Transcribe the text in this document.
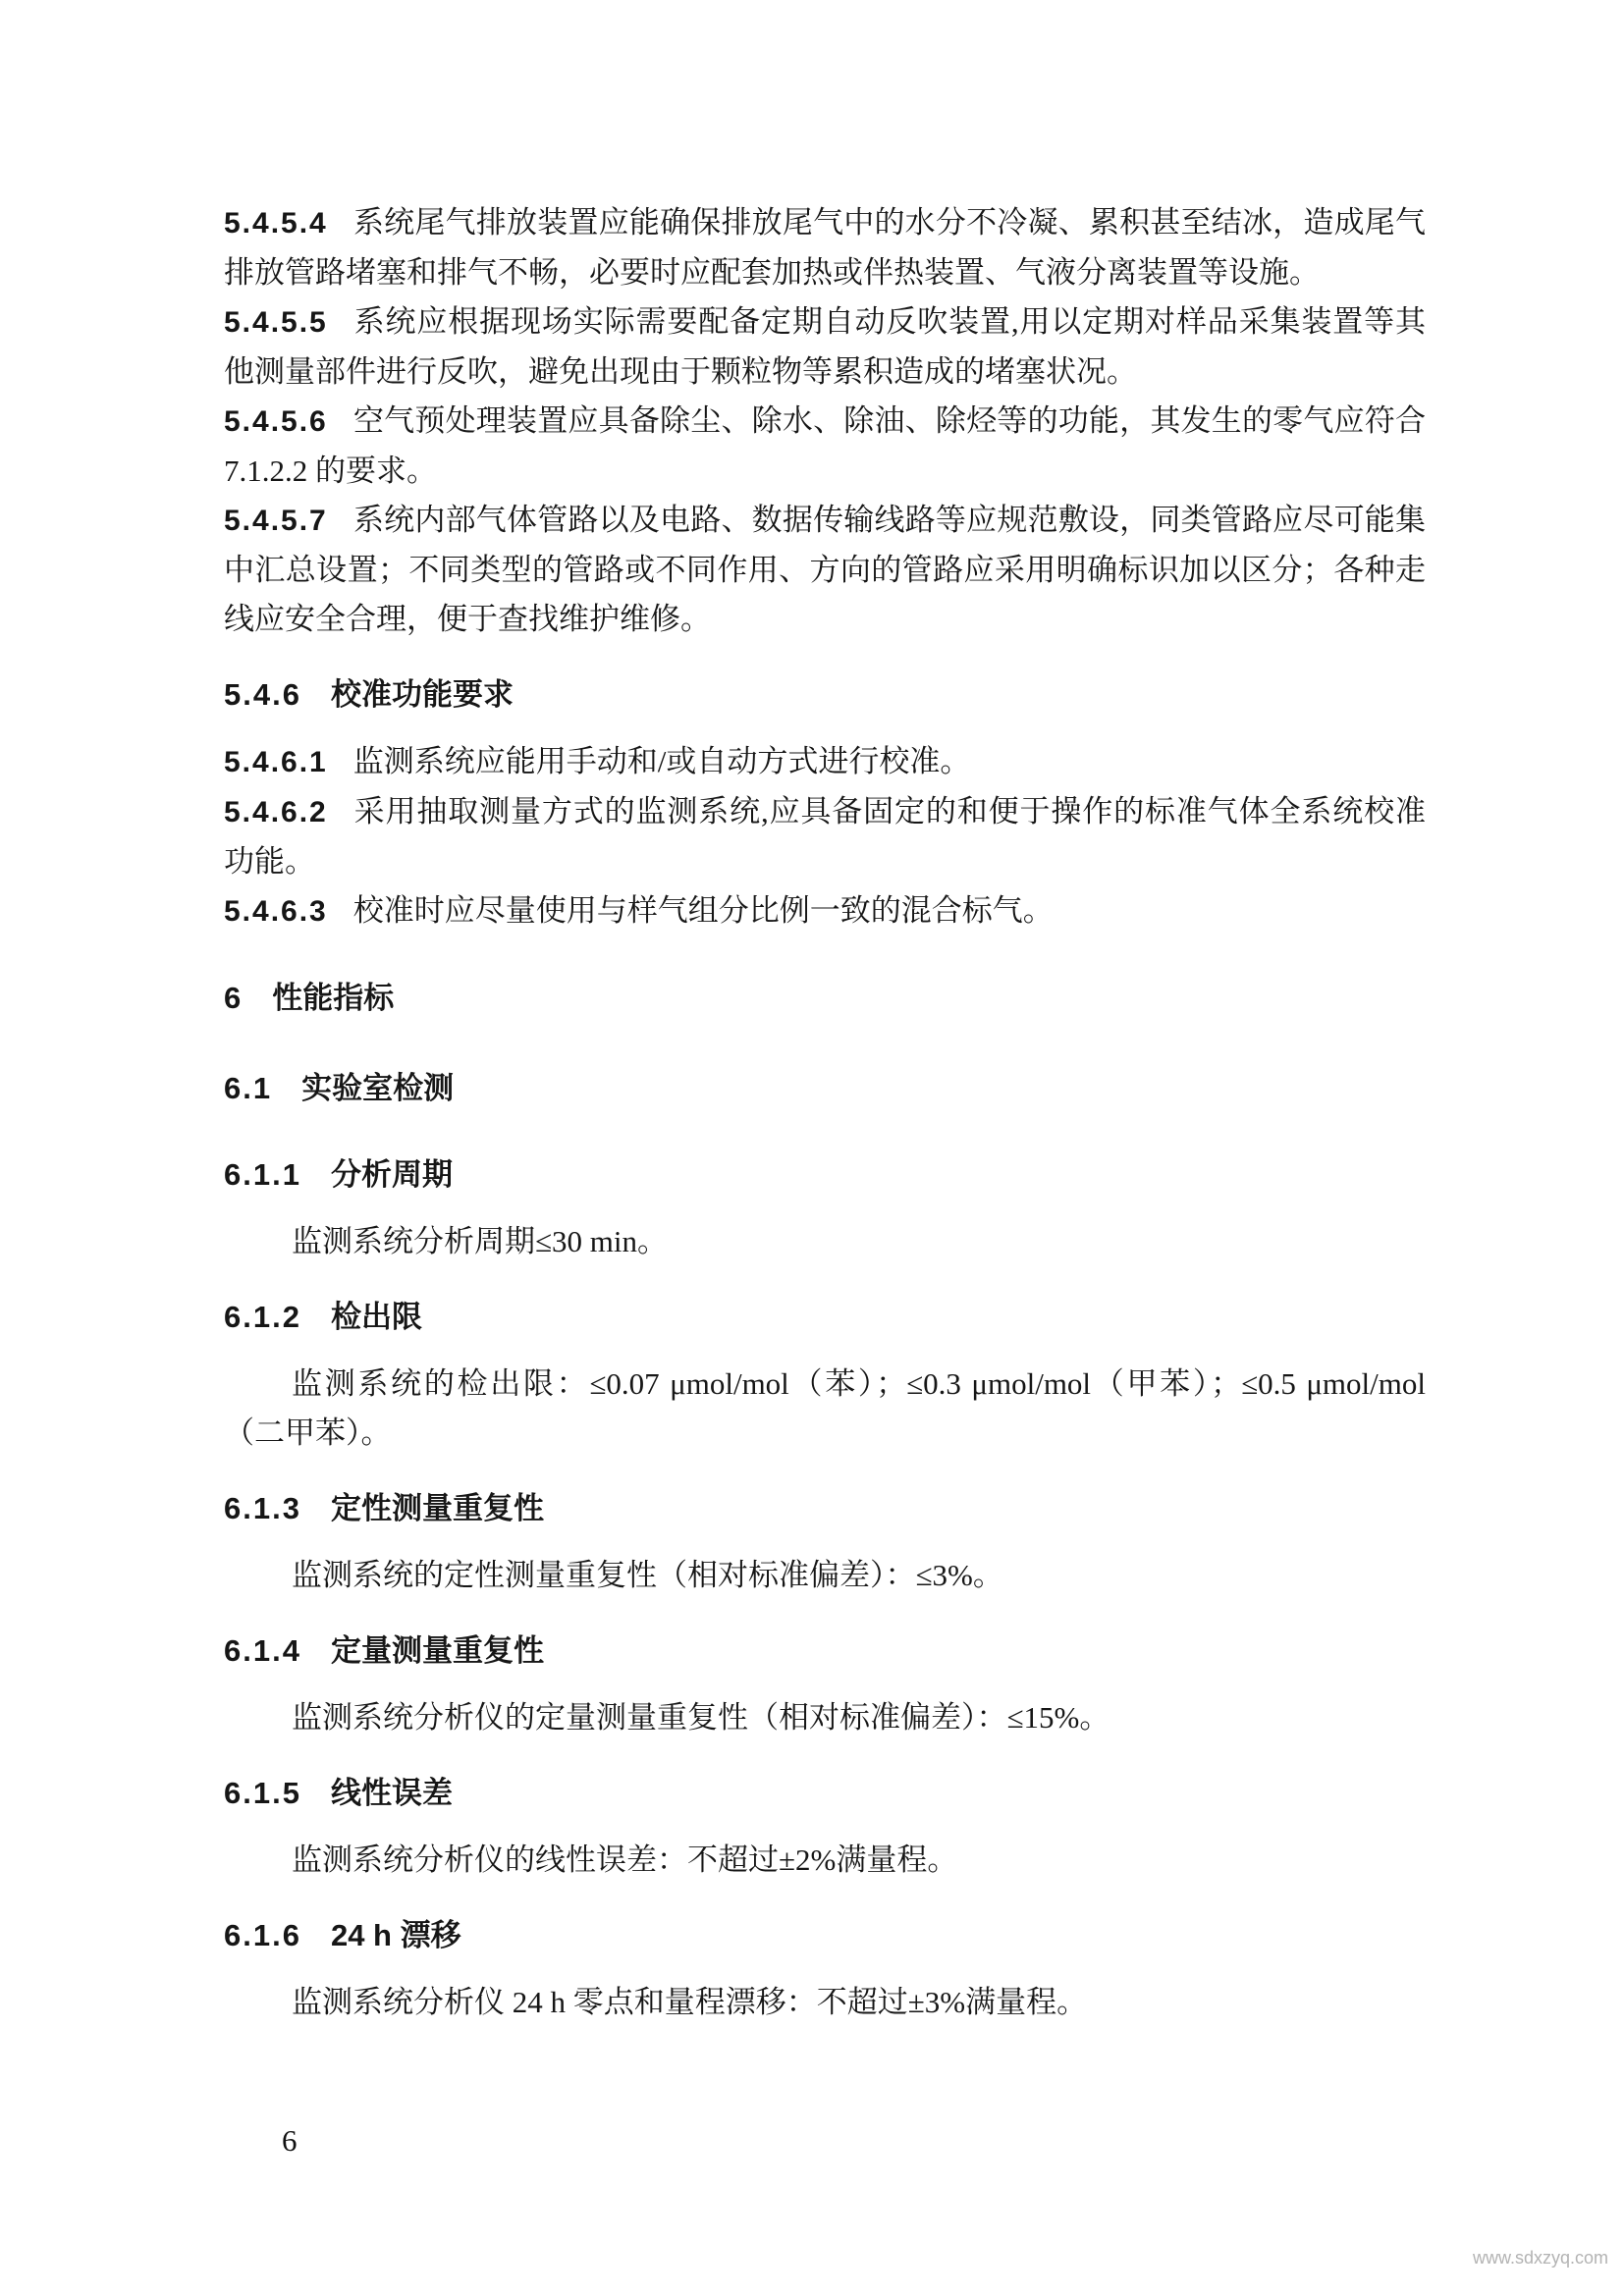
5.4.5.4 系统尾气排放装置应能确保排放尾气中的水分不冷凝、累积甚至结冰，造成尾气排放管路堵塞和排气不畅，必要时应配套加热或伴热装置、气液分离装置等设施。
5.4.5.5 系统应根据现场实际需要配备定期自动反吹装置,用以定期对样品采集装置等其他测量部件进行反吹，避免出现由于颗粒物等累积造成的堵塞状况。
5.4.5.6 空气预处理装置应具备除尘、除水、除油、除烃等的功能，其发生的零气应符合 7.1.2.2 的要求。
5.4.5.7 系统内部气体管路以及电路、数据传输线路等应规范敷设，同类管路应尽可能集中汇总设置；不同类型的管路或不同作用、方向的管路应采用明确标识加以区分；各种走线应安全合理，便于查找维护维修。
5.4.6 校准功能要求
5.4.6.1 监测系统应能用手动和/或自动方式进行校准。
5.4.6.2 采用抽取测量方式的监测系统,应具备固定的和便于操作的标准气体全系统校准功能。
5.4.6.3 校准时应尽量使用与样气组分比例一致的混合标气。
6 性能指标
6.1 实验室检测
6.1.1 分析周期
监测系统分析周期≤30 min。
6.1.2 检出限
监测系统的检出限：≤0.07 μmol/mol（苯）；≤0.3 μmol/mol（甲苯）；≤0.5 μmol/mol（二甲苯）。
6.1.3 定性测量重复性
监测系统的定性测量重复性（相对标准偏差）：≤3%。
6.1.4 定量测量重复性
监测系统分析仪的定量测量重复性（相对标准偏差）：≤15%。
6.1.5 线性误差
监测系统分析仪的线性误差：不超过±2%满量程。
6.1.6 24 h 漂移
监测系统分析仪 24 h 零点和量程漂移：不超过±3%满量程。
6
www.sdxzyq.com
